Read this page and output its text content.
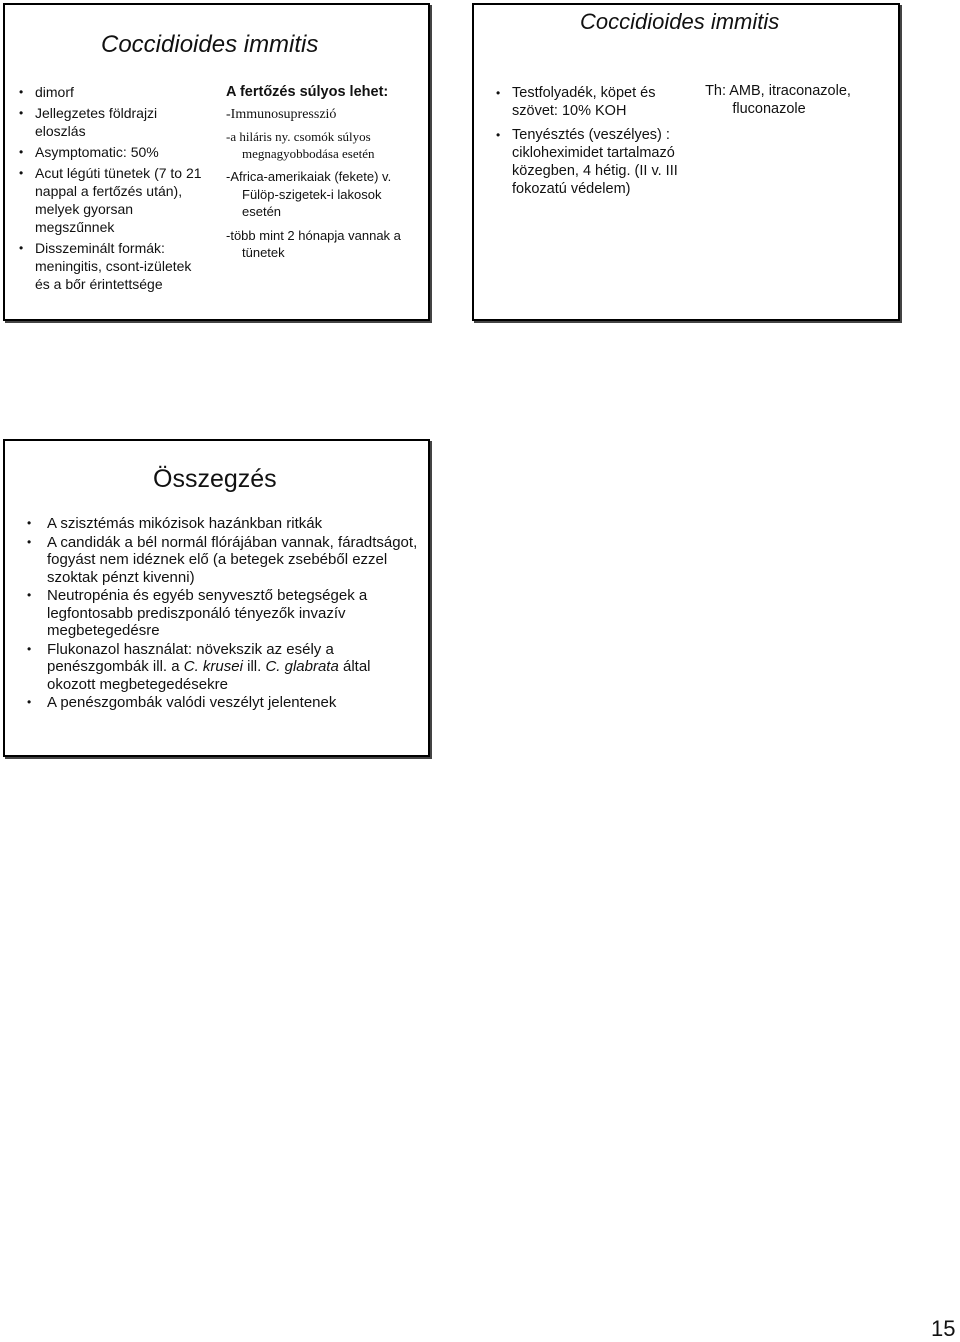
Coccidioides immitis
• dimorf
• Jellegzetes földrajzi eloszlás
• Asymptomatic: 50%
• Acut légúti tünetek (7 to 21 nappal a fertőzés után), melyek gyorsan megszűnnek
• Disszeminált formák: meningitis, csont-izületek és a bőr érintettsége
A fertőzés súlyos lehet:
-Immunosupresszió
-a hiláris ny. csomók súlyos megnagyobbodása esetén
-Africa-amerikaiak (fekete) v. Fülöp-szigetek-i lakosok esetén
-több mint 2 hónapja vannak a tünetek
Coccidioides immitis
• Testfolyadék, köpet és szövet: 10% KOH
• Tenyésztés (veszélyes) : cikloheximidet tartalmazó közegben, 4 hétig. (II v. III fokozatú védelem)
Th: AMB, itraconazole,
fluconazole
Összegzés
• A szisztémás mikózisok hazánkban ritkák
• A candidák a bél normál flórájában vannak, fáradtságot, fogyást nem idéznek elő (a betegek zsebéből ezzel szoktak pénzt kivenni)
• Neutropénia és egyéb senyvesztő betegségek a legfontosabb prediszponáló tényezők invazív megbetegedésre
• Flukonazol használat: növekszik az esély a penészgombák ill. a C. krusei ill. C. glabrata által okozott megbetegedésekre
• A penészgombák valódi veszélyt jelentenek
15
